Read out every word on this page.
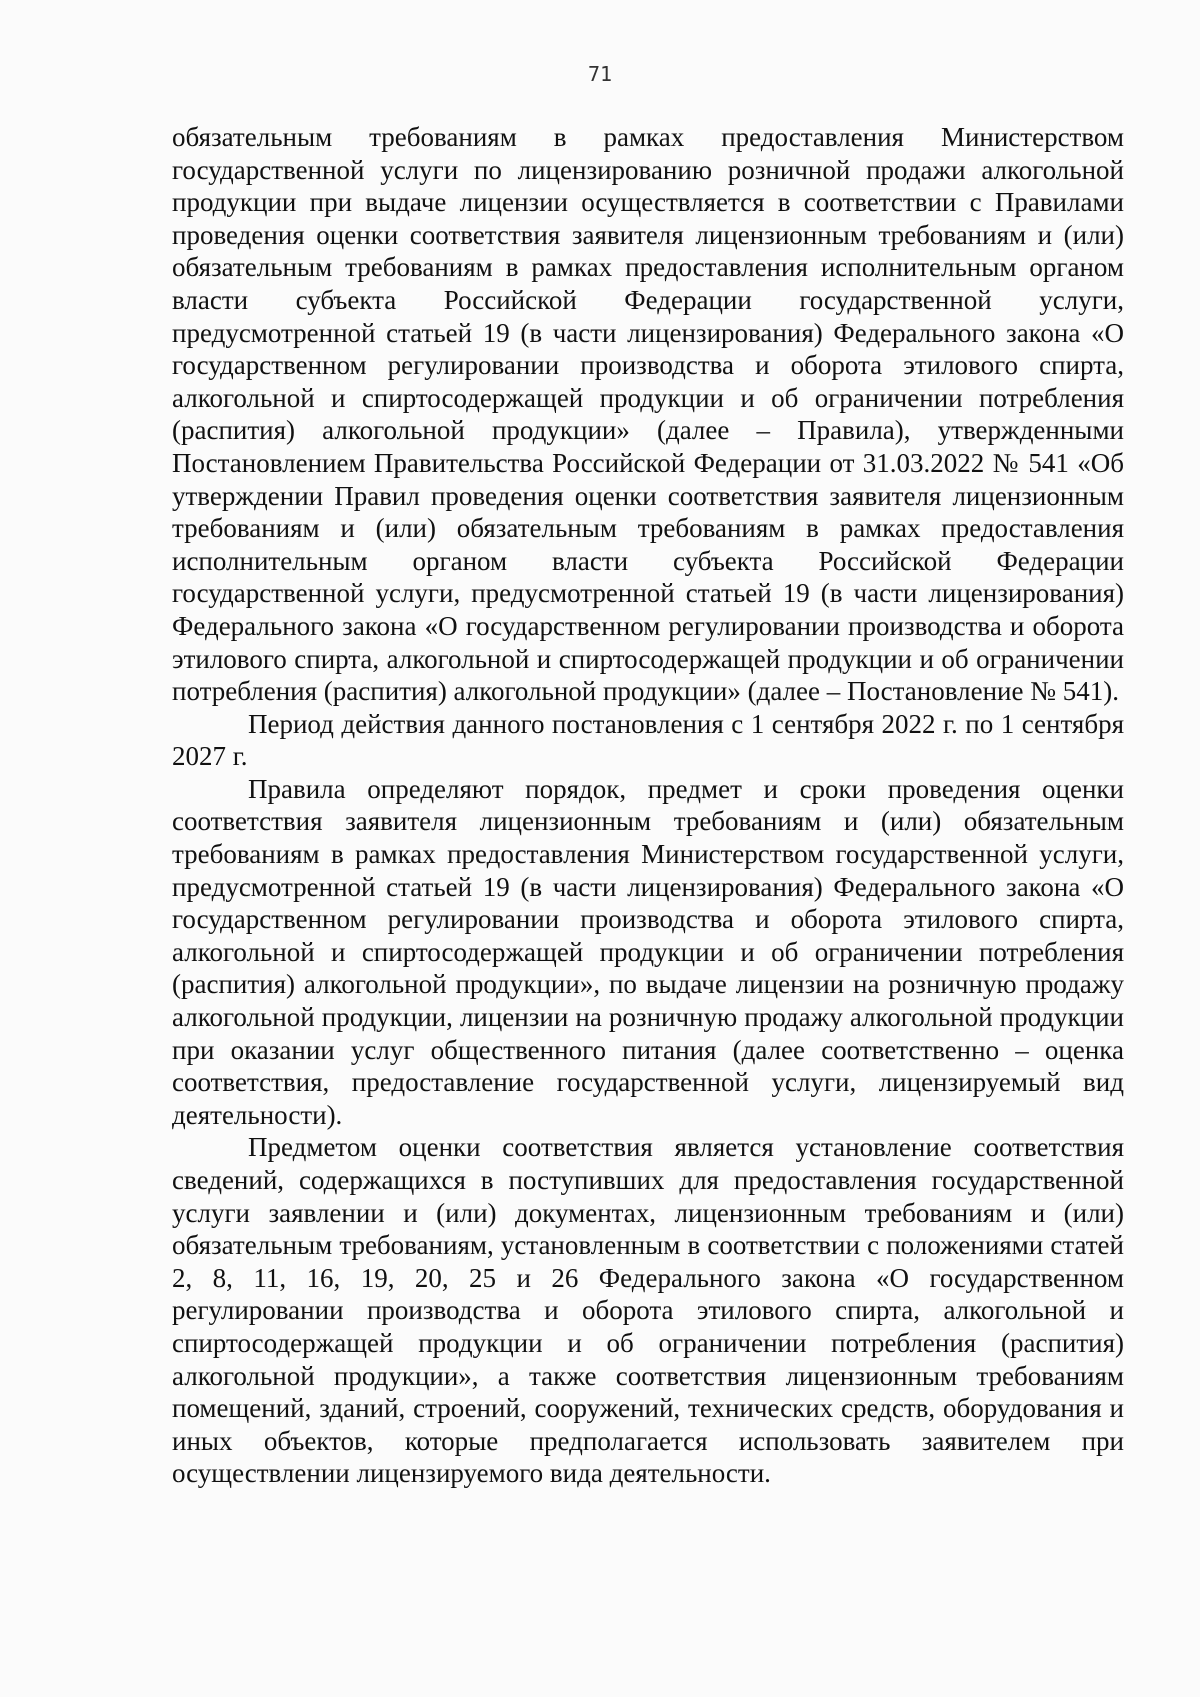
71

обязательным требованиям в рамках предоставления Министерством государственной услуги по лицензированию розничной продажи алкогольной продукции при выдаче лицензии осуществляется в соответствии с Правилами проведения оценки соответствия заявителя лицензионным требованиям и (или) обязательным требованиям в рамках предоставления исполнительным органом власти субъекта Российской Федерации государственной услуги, предусмотренной статьей 19 (в части лицензирования) Федерального закона «О государственном регулировании производства и оборота этилового спирта, алкогольной и спиртосодержащей продукции и об ограничении потребления (распития) алкогольной продукции» (далее – Правила), утвержденными Постановлением Правительства Российской Федерации от 31.03.2022 № 541 «Об утверждении Правил проведения оценки соответствия заявителя лицензионным требованиям и (или) обязательным требованиям в рамках предоставления исполнительным органом власти субъекта Российской Федерации государственной услуги, предусмотренной статьей 19 (в части лицензирования) Федерального закона «О государственном регулировании производства и оборота этилового спирта, алкогольной и спиртосодержащей продукции и об ограничении потребления (распития) алкогольной продукции» (далее – Постановление № 541).

Период действия данного постановления с 1 сентября 2022 г. по 1 сентября 2027 г.

Правила определяют порядок, предмет и сроки проведения оценки соответствия заявителя лицензионным требованиям и (или) обязательным требованиям в рамках предоставления Министерством государственной услуги, предусмотренной статьей 19 (в части лицензирования) Федерального закона «О государственном регулировании производства и оборота этилового спирта, алкогольной и спиртосодержащей продукции и об ограничении потребления (распития) алкогольной продукции», по выдаче лицензии на розничную продажу алкогольной продукции, лицензии на розничную продажу алкогольной продукции при оказании услуг общественного питания (далее соответственно – оценка соответствия, предоставление государственной услуги, лицензируемый вид деятельности).

Предметом оценки соответствия является установление соответствия сведений, содержащихся в поступивших для предоставления государственной услуги заявлении и (или) документах, лицензионным требованиям и (или) обязательным требованиям, установленным в соответствии с положениями статей 2, 8, 11, 16, 19, 20, 25 и 26 Федерального закона «О государственном регулировании производства и оборота этилового спирта, алкогольной и спиртосодержащей продукции и об ограничении потребления (распития) алкогольной продукции», а также соответствия лицензионным требованиям помещений, зданий, строений, сооружений, технических средств, оборудования и иных объектов, которые предполагается использовать заявителем при осуществлении лицензируемого вида деятельности.
